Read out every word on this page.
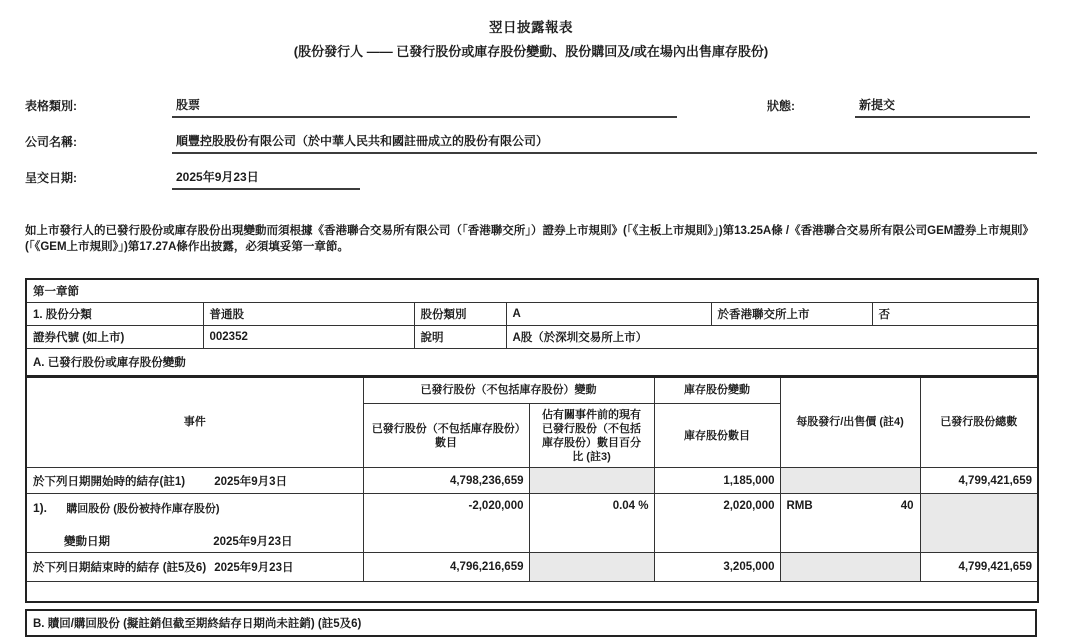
翌日披露報表
(股份發行人 —— 已發行股份或庫存股份變動、股份購回及/或在場內出售庫存股份)
表格類別:	股票	狀態:	新提交
公司名稱:	順豐控股股份有限公司（於中華人民共和國註冊成立的股份有限公司）
呈交日期:	2025年9月23日

如上市發行人的已發行股份或庫存股份出現變動而須根據《香港聯合交易所有限公司（「香港聯交所」）證券上市規則》(「《主板上市規則》」)第13.25A條 /《香港聯合交易所有限公司GEM證券上市規則》(「《GEM上市規則》」)第17.27A條作出披露，必須填妥第一章節。

第一章節					
1. 股份分類	普通股	股份類別	A	於香港聯交所上市	否
證券代號 (如上市)	002352	說明	A股（於深圳交易所上市）		
A. 已發行股份或庫存股份變動					
事件	已發行股份（不包括庫存股份）變動		庫存股份變動	每股發行/出售價 (註4)	已發行股份總數
	已發行股份（不包括庫存股份）數目	佔有關事件前的現有已發行股份（不包括庫存股份）數目百分比 (註3)	庫存股份數目		
於下列日期開始時的結存(註1) 2025年9月3日	4,798,236,659		1,185,000		4,799,421,659

1). 購回股份 (股份被持作庫存股份)
變動日期	2025年9月23日
	-2,020,000	0.04 %	2,020,000	RMB	40

於下列日期結束時的結存 (註5及6) 2025年9月23日	4,796,216,659		3,205,000		4,799,421,659

B. 贖回/購回股份 (擬註銷但截至期終結存日期尚未註銷) (註5及6)
